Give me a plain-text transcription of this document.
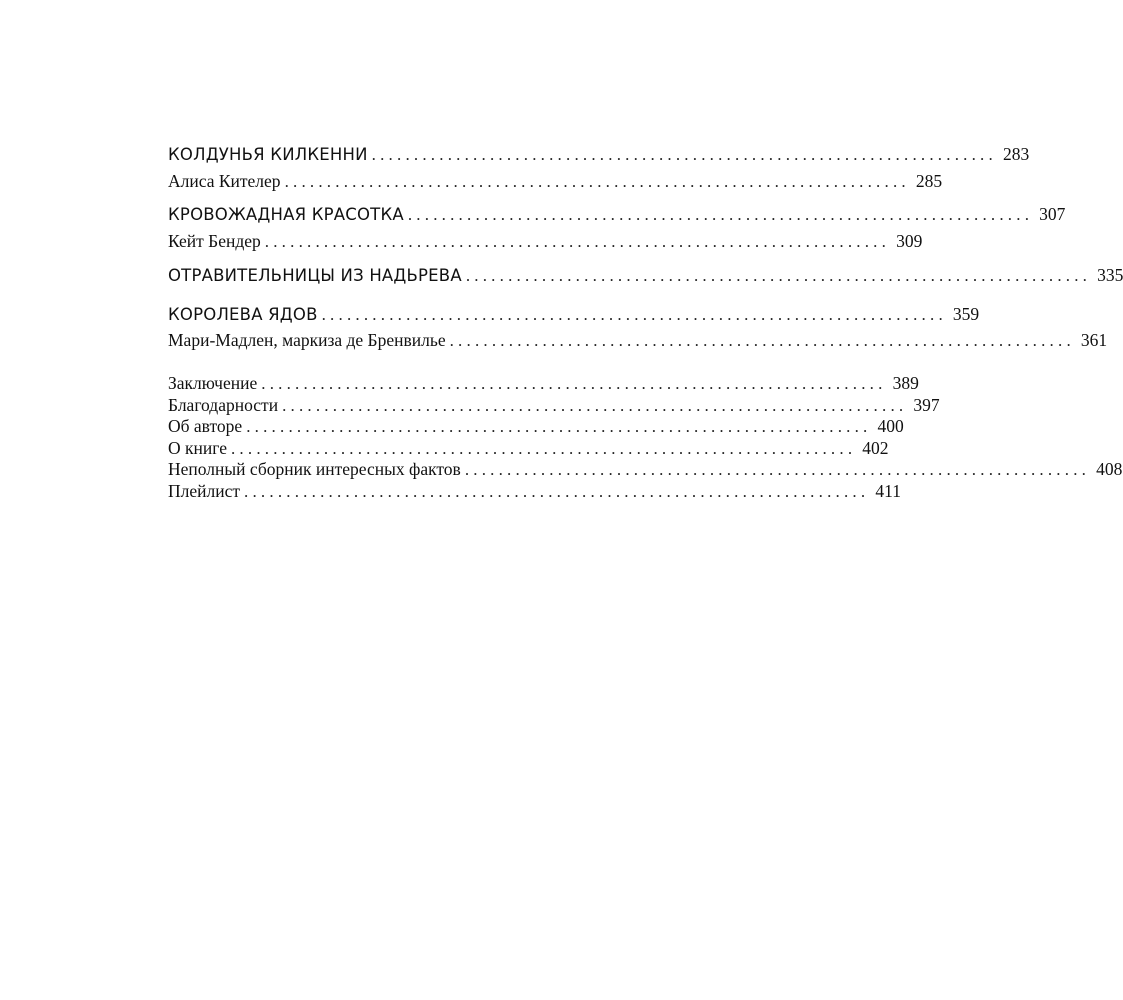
КОЛДУНЬЯ КИЛКЕННИ .......................................................................... 283
Алиса Кителер .......................................................................... 285
КРОВОЖАДНАЯ КРАСОТКА .......................................................................... 307
Кейт Бендер .......................................................................... 309
ОТРАВИТЕЛЬНИЦЫ ИЗ НАДЬРЕВА .......................................................................... 335
КОРОЛЕВА ЯДОВ .......................................................................... 359
Мари-Мадлен, маркиза де Бренвилье .......................................................................... 361
Заключение .......................................................................... 389
Благодарности .......................................................................... 397
Об авторе .......................................................................... 400
О книге .......................................................................... 402
Неполный сборник интересных фактов .......................................................................... 408
Плейлист .......................................................................... 411
